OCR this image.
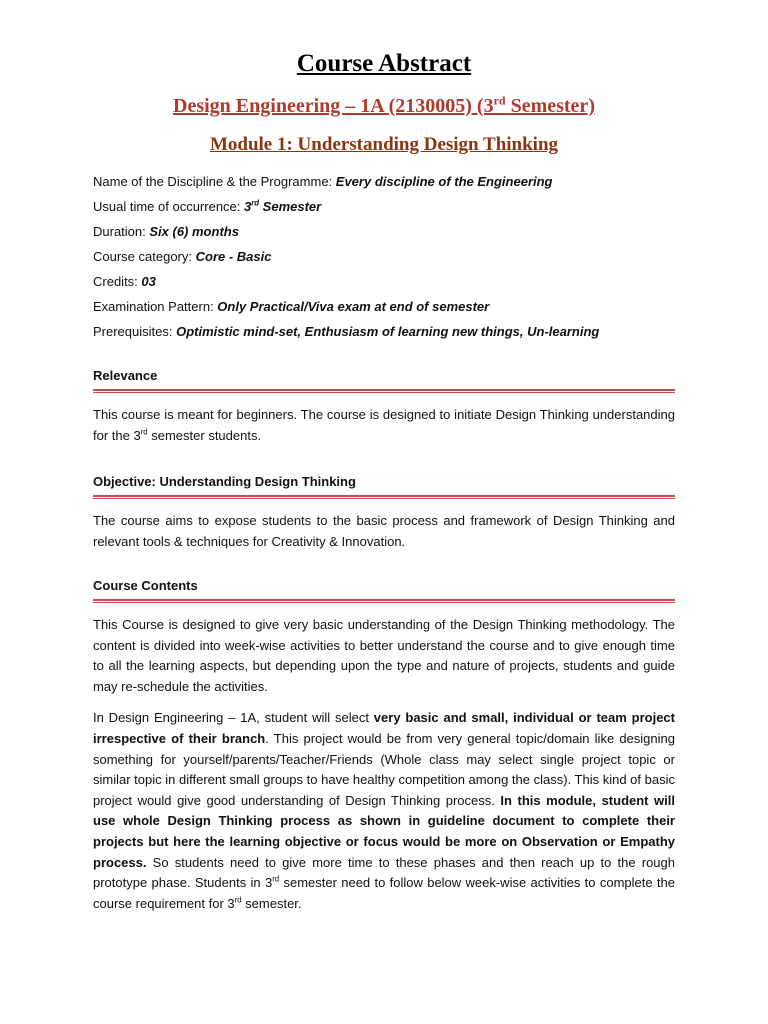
Course Abstract
Design Engineering – 1A (2130005) (3rd Semester)
Module 1: Understanding Design Thinking
Name of the Discipline & the Programme: Every discipline of the Engineering
Usual time of occurrence: 3rd Semester
Duration: Six (6) months
Course category: Core - Basic
Credits: 03
Examination Pattern: Only Practical/Viva exam at end of semester
Prerequisites: Optimistic mind-set, Enthusiasm of learning new things, Un-learning
Relevance
This course is meant for beginners. The course is designed to initiate Design Thinking understanding for the 3rd semester students.
Objective: Understanding Design Thinking
The course aims to expose students to the basic process and framework of Design Thinking and relevant tools & techniques for Creativity & Innovation.
Course Contents
This Course is designed to give very basic understanding of the Design Thinking methodology. The content is divided into week-wise activities to better understand the course and to give enough time to all the learning aspects, but depending upon the type and nature of projects, students and guide may re-schedule the activities.
In Design Engineering – 1A, student will select very basic and small, individual or team project irrespective of their branch. This project would be from very general topic/domain like designing something for yourself/parents/Teacher/Friends (Whole class may select single project topic or similar topic in different small groups to have healthy competition among the class). This kind of basic project would give good understanding of Design Thinking process. In this module, student will use whole Design Thinking process as shown in guideline document to complete their projects but here the learning objective or focus would be more on Observation or Empathy process. So students need to give more time to these phases and then reach up to the rough prototype phase. Students in 3rd semester need to follow below week-wise activities to complete the course requirement for 3rd semester.
